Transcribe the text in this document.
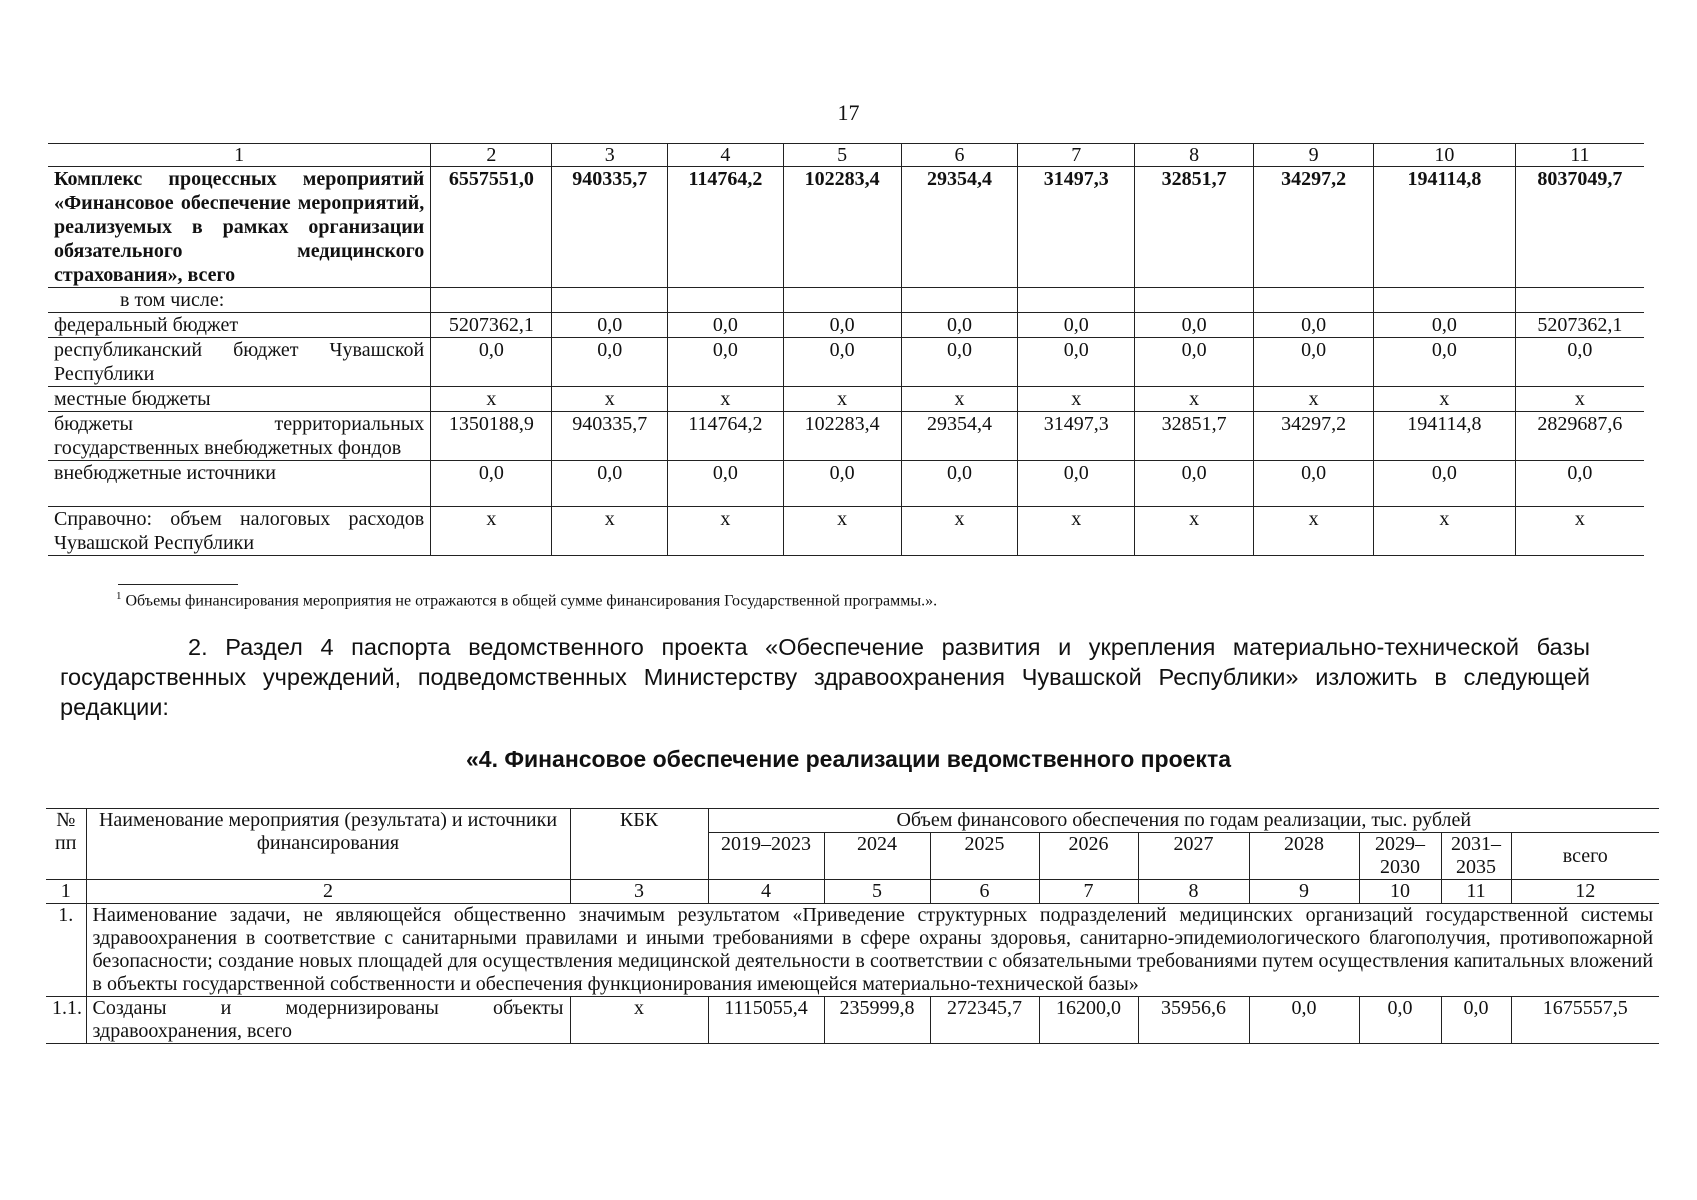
17
1	2	3	4	5	6	7	8	9	10	11
Комплекс процессных мероприятий «Финансовое обеспечение мероприятий, реализуемых в рамках организации обязательного медицинского страхования», всего	6557551,0	940335,7	114764,2	102283,4	29354,4	31497,3	32851,7	34297,2	194114,8	8037049,7
в том числе:										
федеральный бюджет	5207362,1	0,0	0,0	0,0	0,0	0,0	0,0	0,0	0,0	5207362,1
республиканский бюджет Чувашской Республики	0,0	0,0	0,0	0,0	0,0	0,0	0,0	0,0	0,0	0,0
местные бюджеты	х	х	х	х	х	х	х	х	х	х
бюджеты территориальных государственных внебюджетных фондов	1350188,9	940335,7	114764,2	102283,4	29354,4	31497,3	32851,7	34297,2	194114,8	2829687,6
внебюджетные источники	0,0	0,0	0,0	0,0	0,0	0,0	0,0	0,0	0,0	0,0
Справочно: объем налоговых расходов Чувашской Республики	х	х	х	х	х	х	х	х	х	х
$^1$ Объемы финансирования мероприятия не отражаются в общей сумме финансирования Государственной программы.».
2. Раздел 4 паспорта ведомственного проекта «Обеспечение развития и укрепления материально-технической базы государственных учреждений, подведомственных Министерству здравоохранения Чувашской Республики» изложить в следующей редакции:
«4. Финансовое обеспечение реализации ведомственного проекта
№ пп	Наименование мероприятия (результата) и источники финансирования	КБК	Объем финансового обеспечения по годам реализации, тыс. рублей								
			2019–2023	2024	2025	2026	2027	2028	2029–2030	2031–2035	всего
1	2	3	4	5	6	7	8	9	10	11	12
1.	Наименование задачи, не являющейся общественно значимым результатом «Приведение структурных подразделений медицинских организаций государственной системы здравоохранения в соответствие с санитарными правилами и иными требованиями в сфере охраны здоровья, санитарно-эпидемиологического благополучия, противопожарной безопасности; создание новых площадей для осуществления медицинской деятельности в соответствии с обязательными требованиями путем осуществления капитальных вложений в объекты государственной собственности и обеспечения функционирования имеющейся материально-технической базы»										
1.1.	Созданы и модернизированы объекты здравоохранения, всего	х	1115055,4	235999,8	272345,7	16200,0	35956,6	0,0	0,0	0,0	1675557,5
